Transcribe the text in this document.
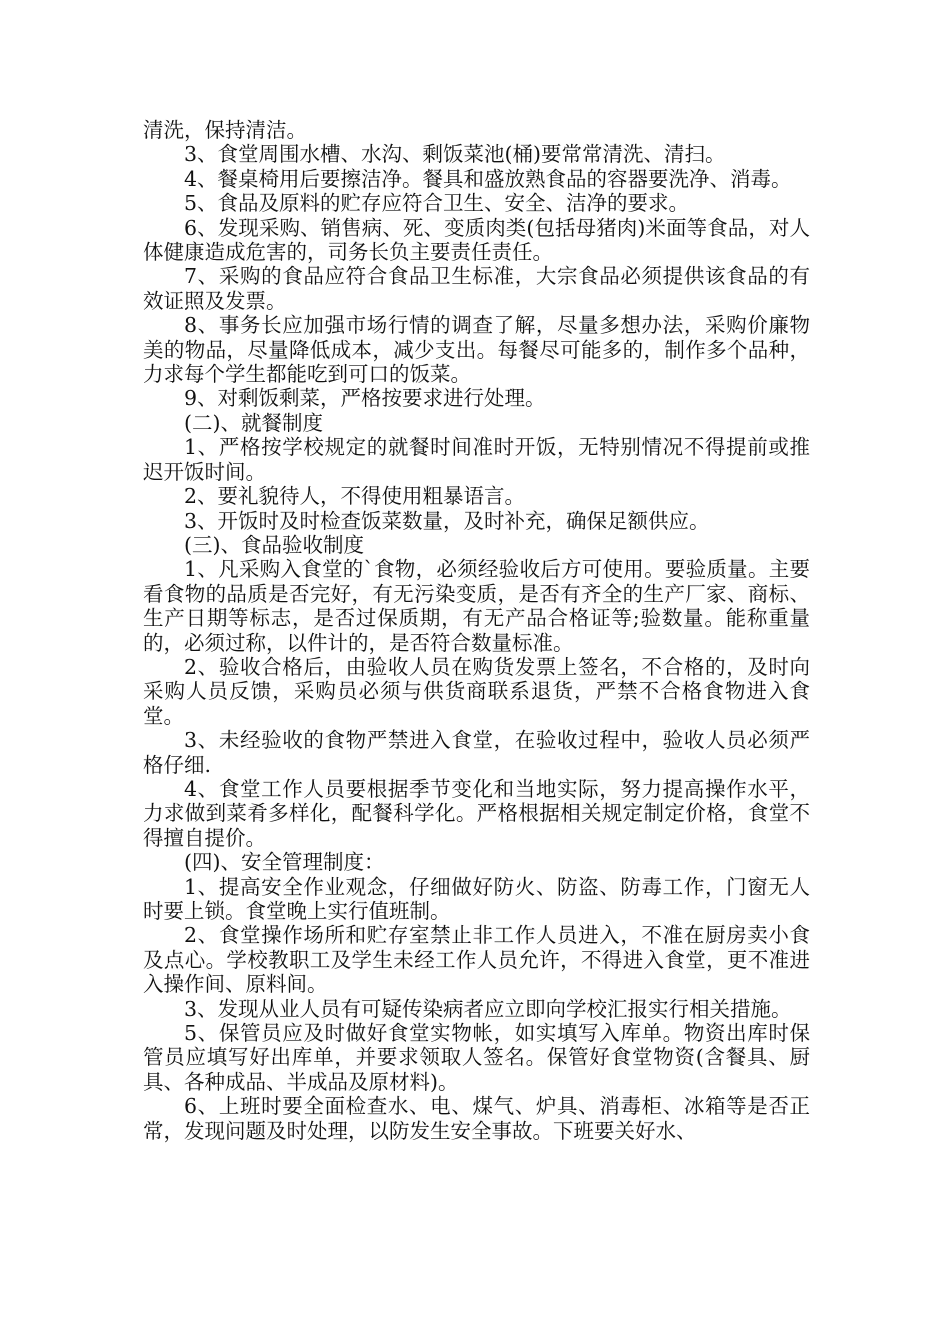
清洗，保持清洁。

3、食堂周围水槽、水沟、剩饭菜池(桶)要常常清洗、清扫。

4、餐桌椅用后要擦洁净。餐具和盛放熟食品的容器要洗净、消毒。

5、食品及原料的贮存应符合卫生、安全、洁净的要求。

6、发现采购、销售病、死、变质肉类(包括母猪肉)米面等食品，对人体健康造成危害的，司务长负主要责任责任。

7、采购的食品应符合食品卫生标准，大宗食品必须提供该食品的有效证照及发票。

8、事务长应加强市场行情的调查了解，尽量多想办法，采购价廉物美的物品，尽量降低成本，减少支出。每餐尽可能多的，制作多个品种，力求每个学生都能吃到可口的饭菜。

9、对剩饭剩菜，严格按要求进行处理。

(二)、就餐制度

1、严格按学校规定的就餐时间准时开饭，无特别情况不得提前或推迟开饭时间。

2、要礼貌待人，不得使用粗暴语言。

3、开饭时及时检查饭菜数量，及时补充，确保足额供应。

(三)、食品验收制度

1、凡采购入食堂的`食物，必须经验收后方可使用。要验质量。主要看食物的品质是否完好，有无污染变质，是否有齐全的生产厂家、商标、生产日期等标志，是否过保质期，有无产品合格证等;验数量。能称重量的，必须过称，以件计的，是否符合数量标准。

2、验收合格后，由验收人员在购货发票上签名，不合格的，及时向采购人员反馈，采购员必须与供货商联系退货，严禁不合格食物进入食堂。

3、未经验收的食物严禁进入食堂，在验收过程中，验收人员必须严格仔细.

4、食堂工作人员要根据季节变化和当地实际，努力提高操作水平，力求做到菜肴多样化，配餐科学化。严格根据相关规定制定价格，食堂不得擅自提价。

(四)、安全管理制度：

1、提高安全作业观念，仔细做好防火、防盗、防毒工作，门窗无人时要上锁。食堂晚上实行值班制。

2、食堂操作场所和贮存室禁止非工作人员进入，不准在厨房卖小食及点心。学校教职工及学生未经工作人员允许，不得进入食堂，更不准进入操作间、原料间。

3、发现从业人员有可疑传染病者应立即向学校汇报实行相关措施。

5、保管员应及时做好食堂实物帐，如实填写入库单。物资出库时保管员应填写好出库单，并要求领取人签名。保管好食堂物资(含餐具、厨具、各种成品、半成品及原材料)。

6、上班时要全面检查水、电、煤气、炉具、消毒柜、冰箱等是否正常，发现问题及时处理，以防发生安全事故。下班要关好水、
